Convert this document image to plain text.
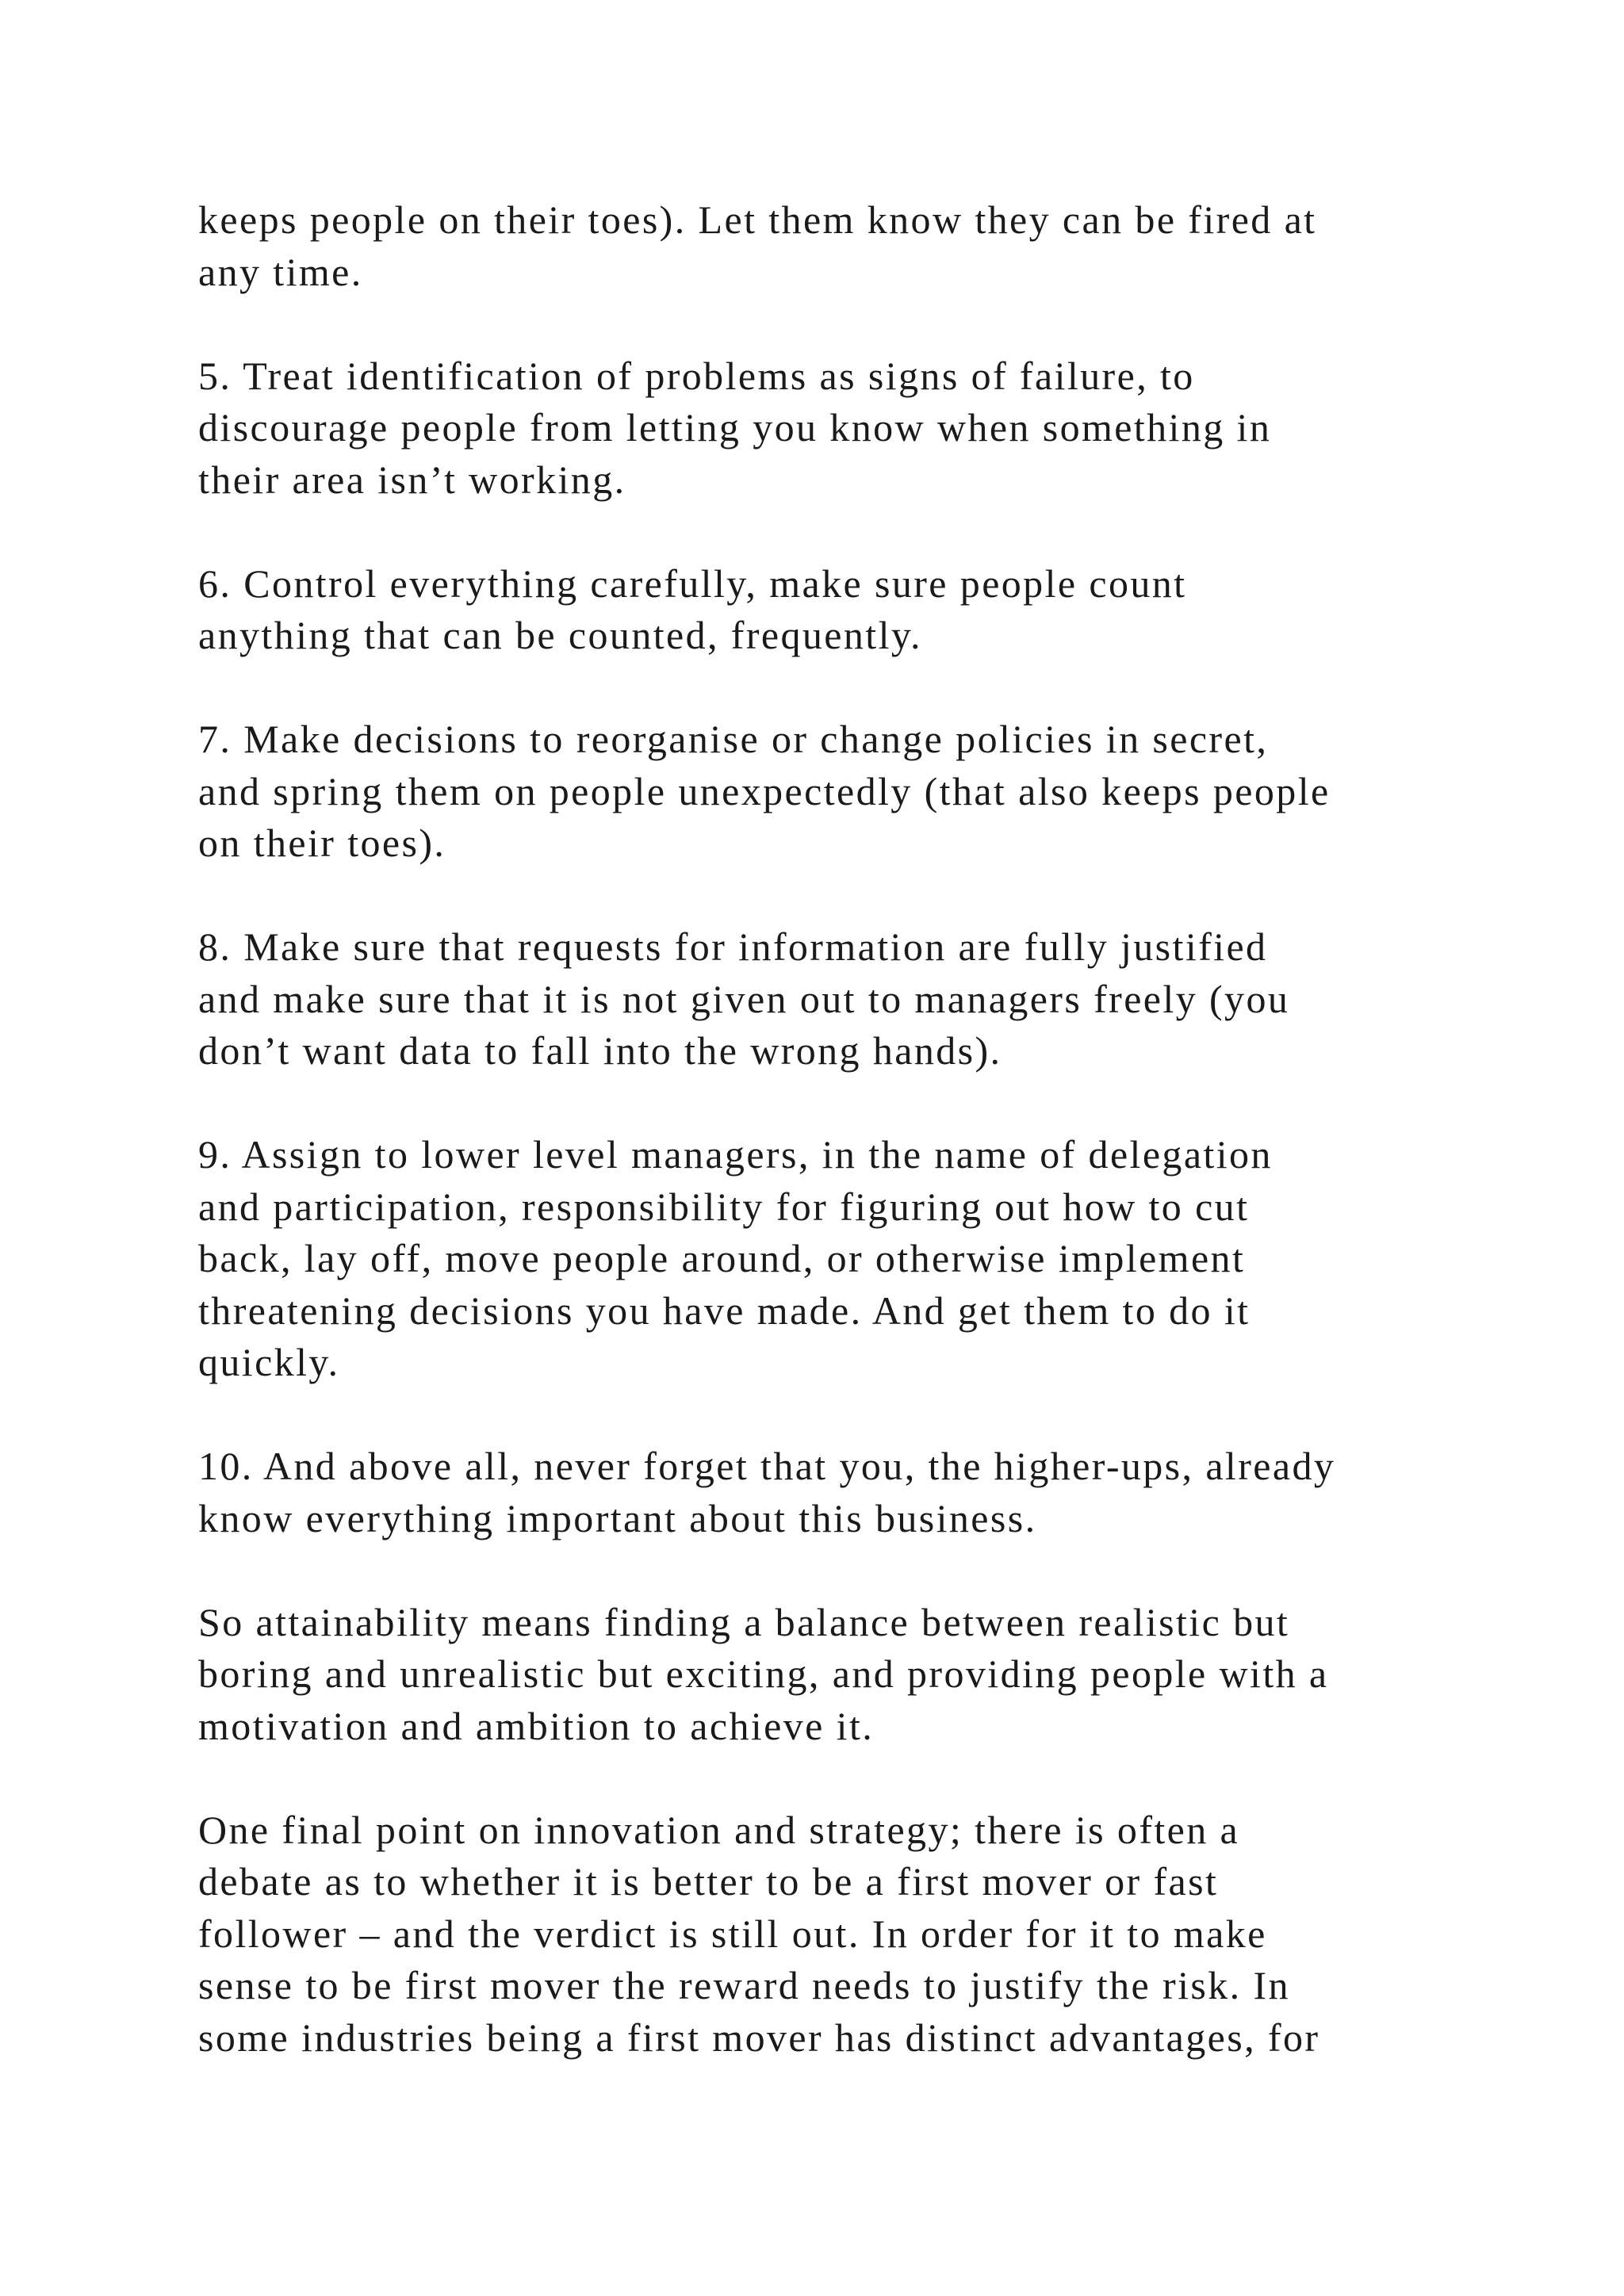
keeps people on their toes). Let them know they can be fired at
any time.

5. Treat identification of problems as signs of failure, to
discourage people from letting you know when something in
their area isn’t working.

6. Control everything carefully, make sure people count
anything that can be counted, frequently.

7. Make decisions to reorganise or change policies in secret,
and spring them on people unexpectedly (that also keeps people
on their toes).

8. Make sure that requests for information are fully justified
and make sure that it is not given out to managers freely (you
don’t want data to fall into the wrong hands).

9. Assign to lower level managers, in the name of delegation
and participation, responsibility for figuring out how to cut
back, lay off, move people around, or otherwise implement
threatening decisions you have made. And get them to do it
quickly.

10. And above all, never forget that you, the higher-ups, already
know everything important about this business.

So attainability means finding a balance between realistic but
boring and unrealistic but exciting, and providing people with a
motivation and ambition to achieve it.

One final point on innovation and strategy; there is often a
debate as to whether it is better to be a first mover or fast
follower – and the verdict is still out. In order for it to make
sense to be first mover the reward needs to justify the risk. In
some industries being a first mover has distinct advantages, for
